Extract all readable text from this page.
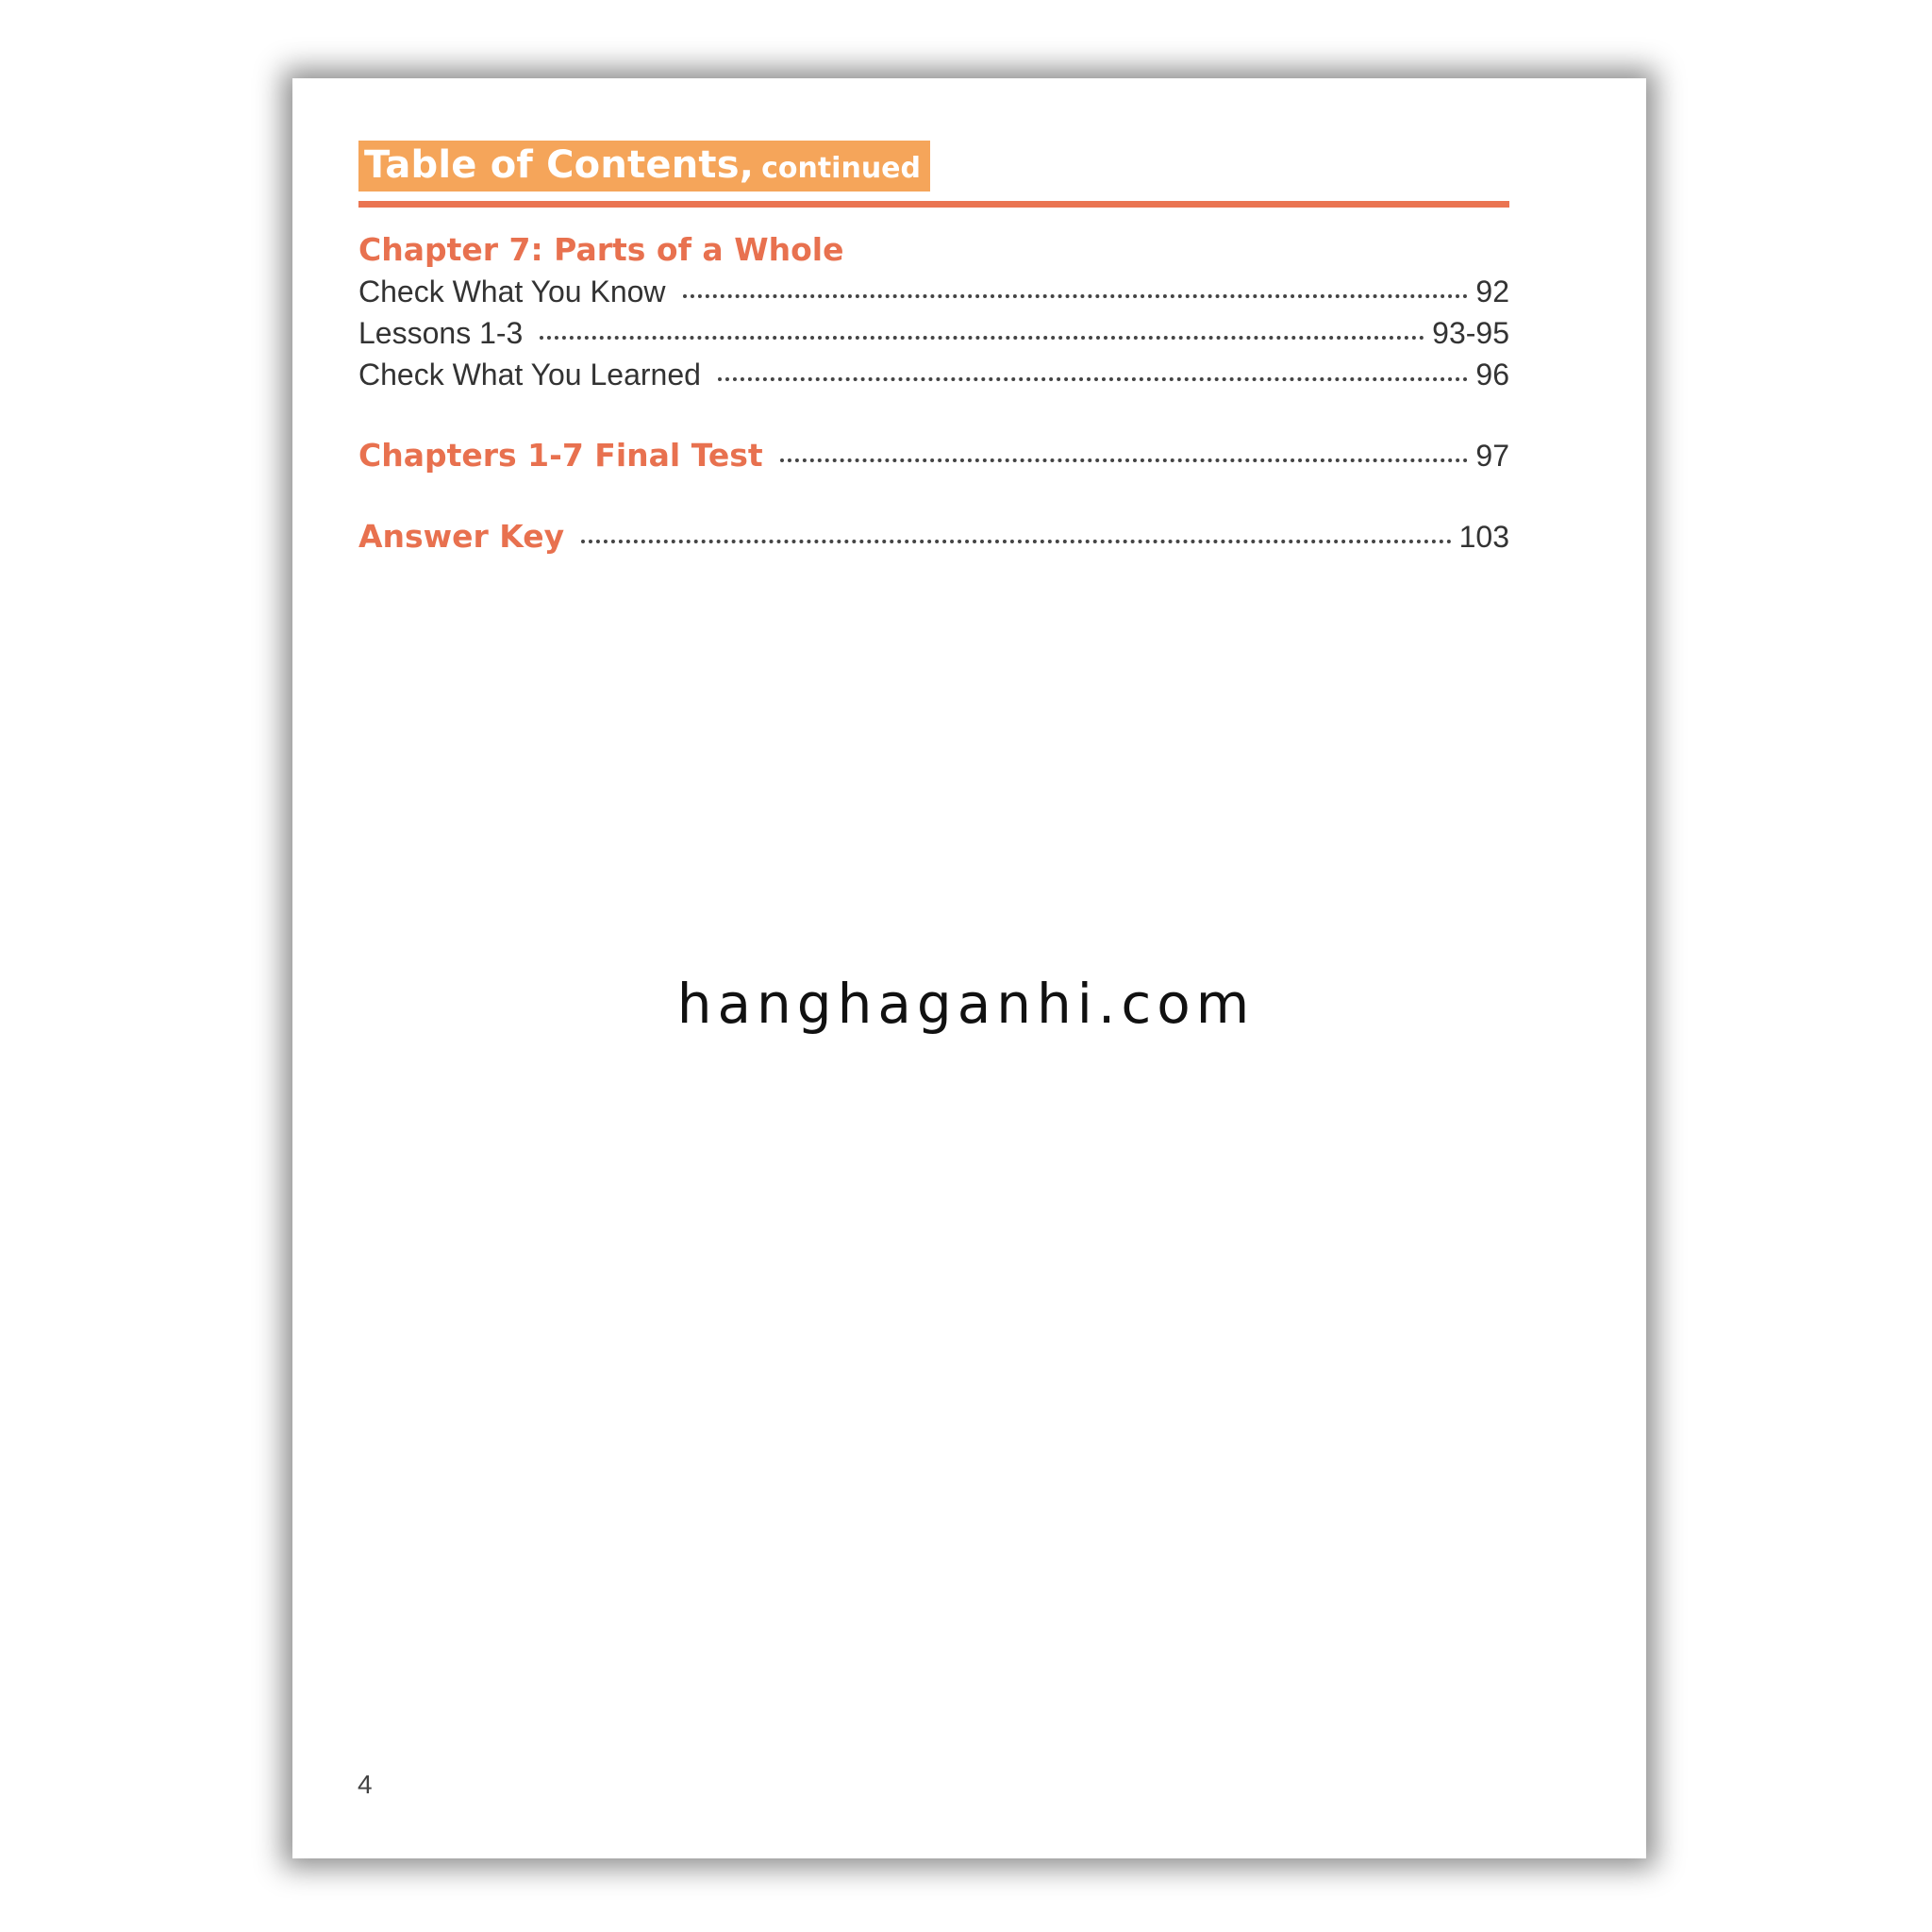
Table of Contents, continued
Chapter 7: Parts of a Whole
Check What You Know	92
Lessons 1-3	93-95
Check What You Learned	96
Chapters 1-7 Final Test	97
Answer Key	103
4
hanghaganhi.com
